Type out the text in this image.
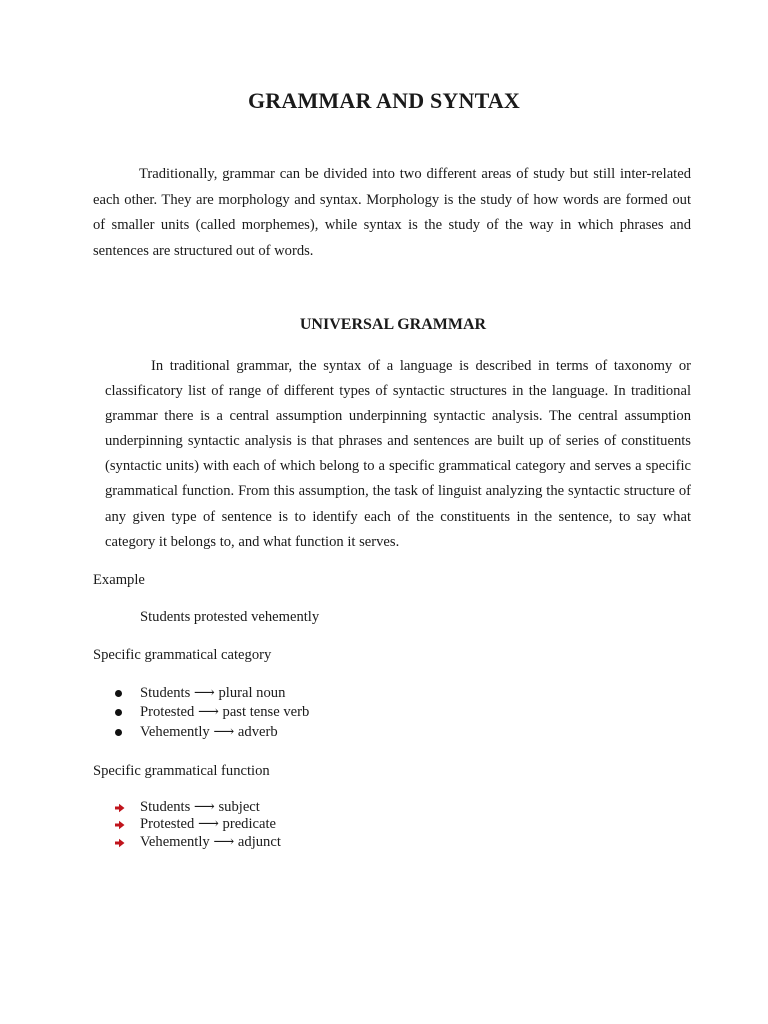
GRAMMAR AND SYNTAX

Traditionally, grammar can be divided into two different areas of study but still inter-related each other. They are morphology and syntax. Morphology is the study of how words are formed out of smaller units (called morphemes), while syntax is the study of the way in which phrases and sentences are structured out of words.

UNIVERSAL GRAMMAR

In traditional grammar, the syntax of a language is described in terms of taxonomy or classificatory list of range of different types of syntactic structures in the language. In traditional grammar there is a central assumption underpinning syntactic analysis. The central assumption underpinning syntactic analysis is that phrases and sentences are built up of series of constituents (syntactic units) with each of which belong to a specific grammatical category and serves a specific grammatical function. From this assumption, the task of linguist analyzing the syntactic structure of any given type of sentence is to identify each of the constituents in the sentence, to say what category it belongs to, and what function it serves.

Example

Students protested vehemently

Specific grammatical category

Students ⟶ plural noun
Protested ⟶ past tense verb
Vehemently ⟶ adverb

Specific grammatical function

Students ⟶ subject
Protested ⟶ predicate
Vehemently ⟶ adjunct
